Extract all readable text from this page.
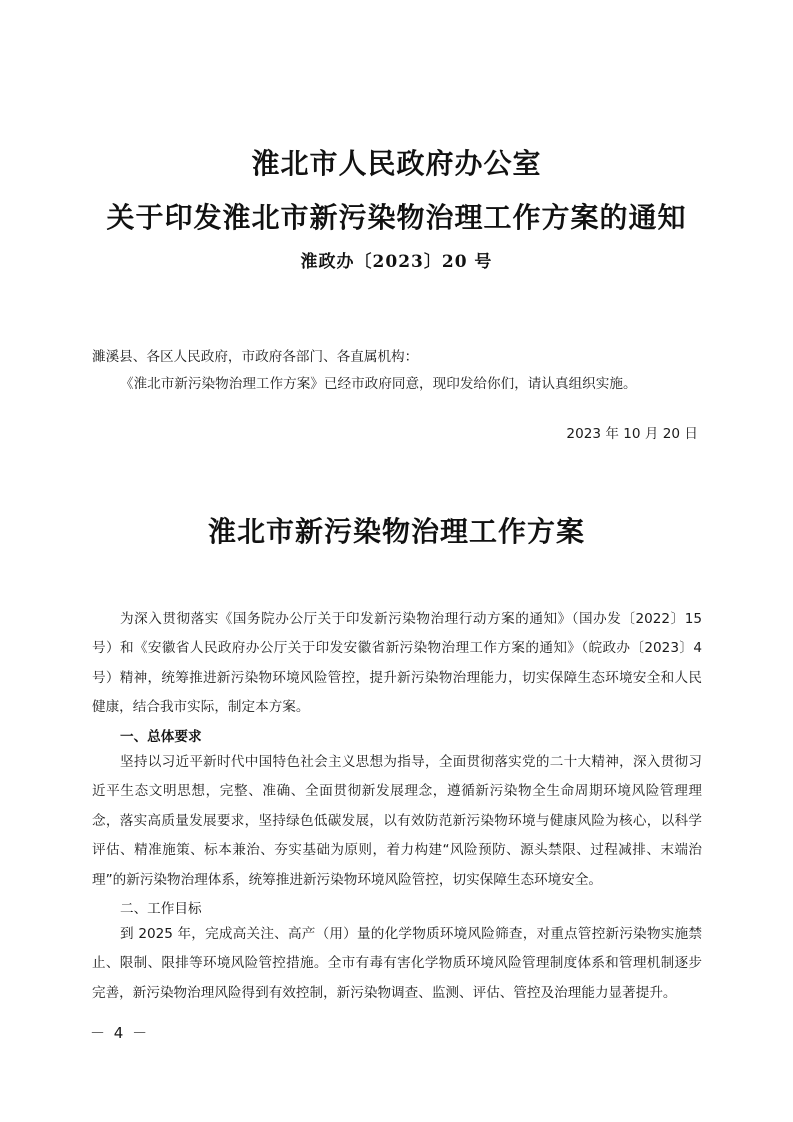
淮北市人民政府办公室
关于印发淮北市新污染物治理工作方案的通知
淮政办〔2023〕20 号
濉溪县、各区人民政府，市政府各部门、各直属机构：
《淮北市新污染物治理工作方案》已经市政府同意，现印发给你们，请认真组织实施。
2023 年 10 月 20 日
淮北市新污染物治理工作方案

为深入贯彻落实《国务院办公厅关于印发新污染物治理行动方案的通知》（国办发〔2022〕15 号）和《安徽省人民政府办公厅关于印发安徽省新污染物治理工作方案的通知》（皖政办〔2023〕4 号）精神，统筹推进新污染物环境风险管控，提升新污染物治理能力，切实保障生态环境安全和人民健康，结合我市实际，制定本方案。

一、总体要求

坚持以习近平新时代中国特色社会主义思想为指导，全面贯彻落实党的二十大精神，深入贯彻习近平生态文明思想，完整、准确、全面贯彻新发展理念，遵循新污染物全生命周期环境风险管理理念，落实高质量发展要求，坚持绿色低碳发展，以有效防范新污染物环境与健康风险为核心，以科学评估、精准施策、标本兼治、夯实基础为原则，着力构建“风险预防、源头禁限、过程减排、末端治理”的新污染物治理体系，统筹推进新污染物环境风险管控，切实保障生态环境安全。

二、工作目标

到 2025 年，完成高关注、高产（用）量的化学物质环境风险筛查，对重点管控新污染物实施禁止、限制、限排等环境风险管控措施。全市有毒有害化学物质环境风险管理制度体系和管理机制逐步完善，新污染物治理风险得到有效控制，新污染物调查、监测、评估、管控及治理能力显著提升。

－ 4 －
